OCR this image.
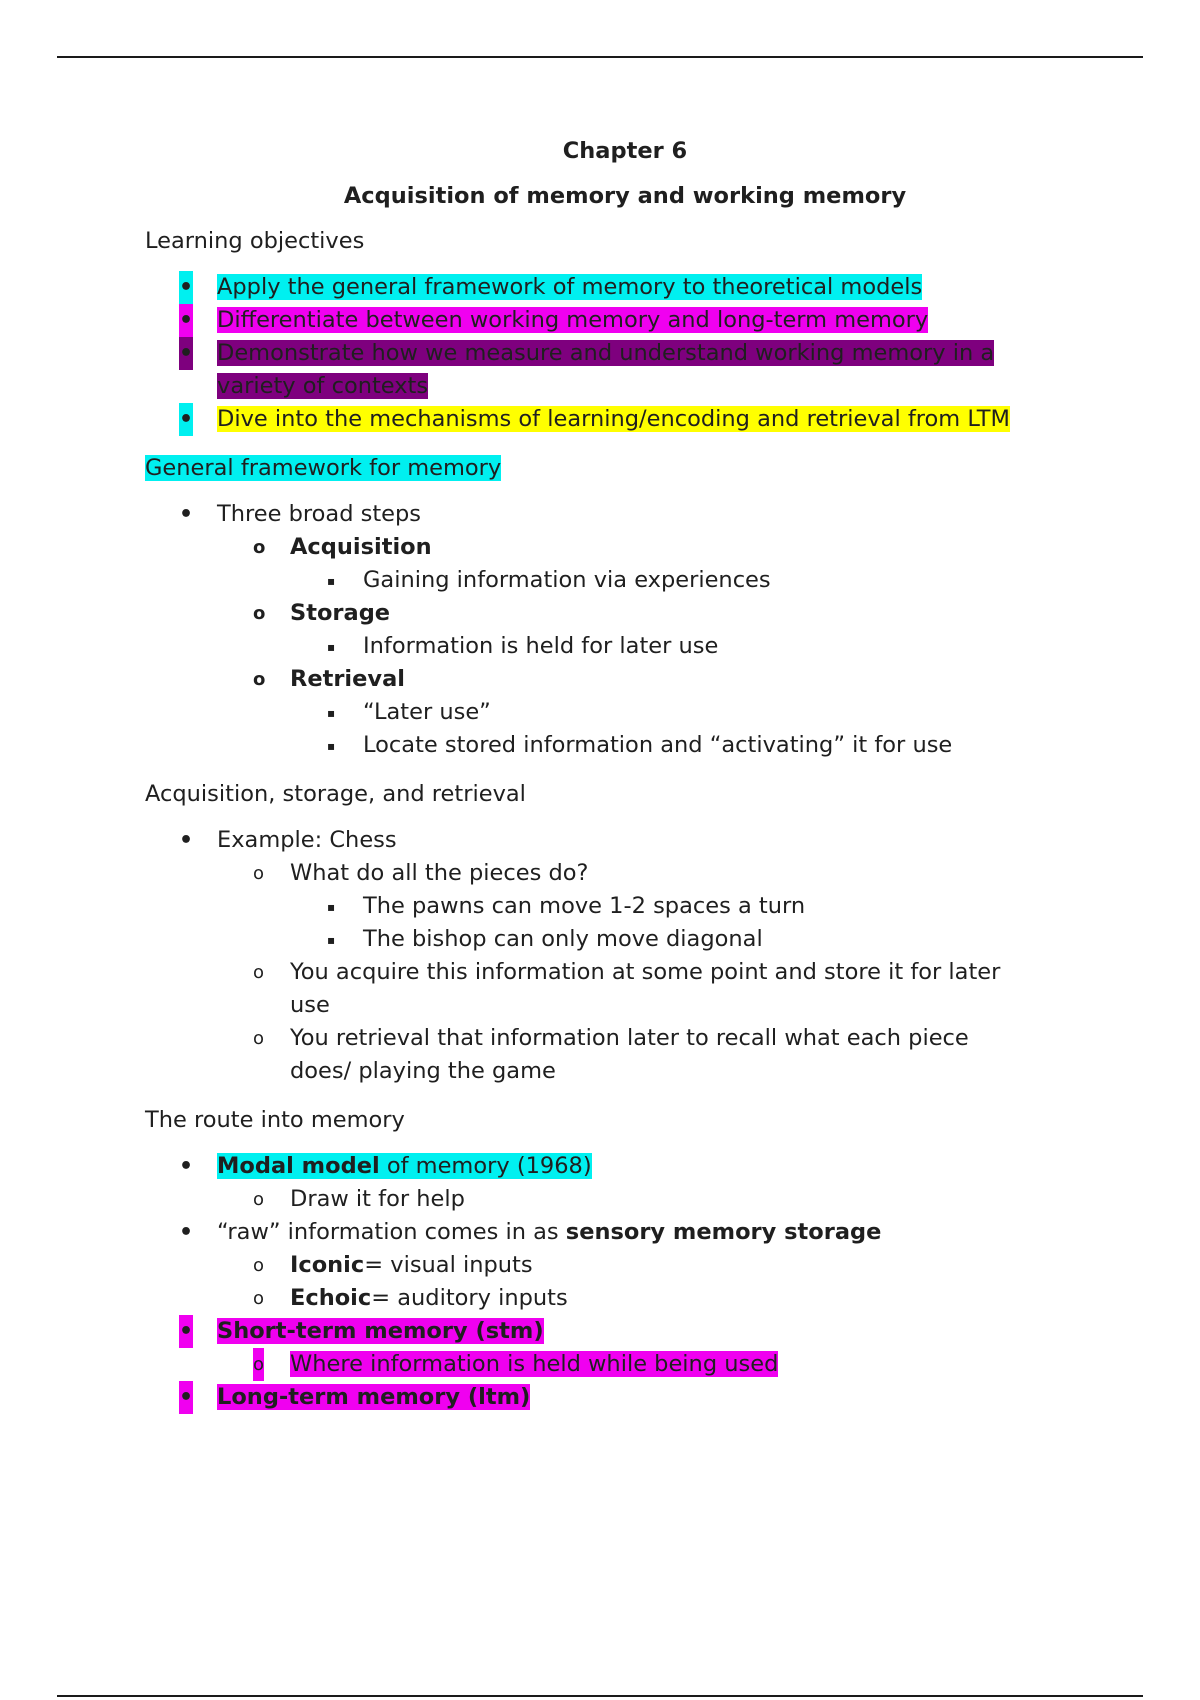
Chapter 6

Acquisition of memory and working memory

Learning objectives

• Apply the general framework of memory to theoretical models
• Differentiate between working memory and long-term memory
• Demonstrate how we measure and understand working memory in a
variety of contexts
• Dive into the mechanisms of learning/encoding and retrieval from LTM

General framework for memory

• Three broad steps
o Acquisition
▪ Gaining information via experiences
o Storage
▪ Information is held for later use
o Retrieval
▪ “Later use”
▪ Locate stored information and “activating” it for use

Acquisition, storage, and retrieval

• Example: Chess
o What do all the pieces do?
▪ The pawns can move 1-2 spaces a turn
▪ The bishop can only move diagonal
o You acquire this information at some point and store it for later
use
o You retrieval that information later to recall what each piece
does/ playing the game

The route into memory

• Modal model of memory (1968)
o Draw it for help
• “raw” information comes in as sensory memory storage
o Iconic= visual inputs
o Echoic= auditory inputs
• Short-term memory (stm)
o Where information is held while being used
• Long-term memory (ltm)
